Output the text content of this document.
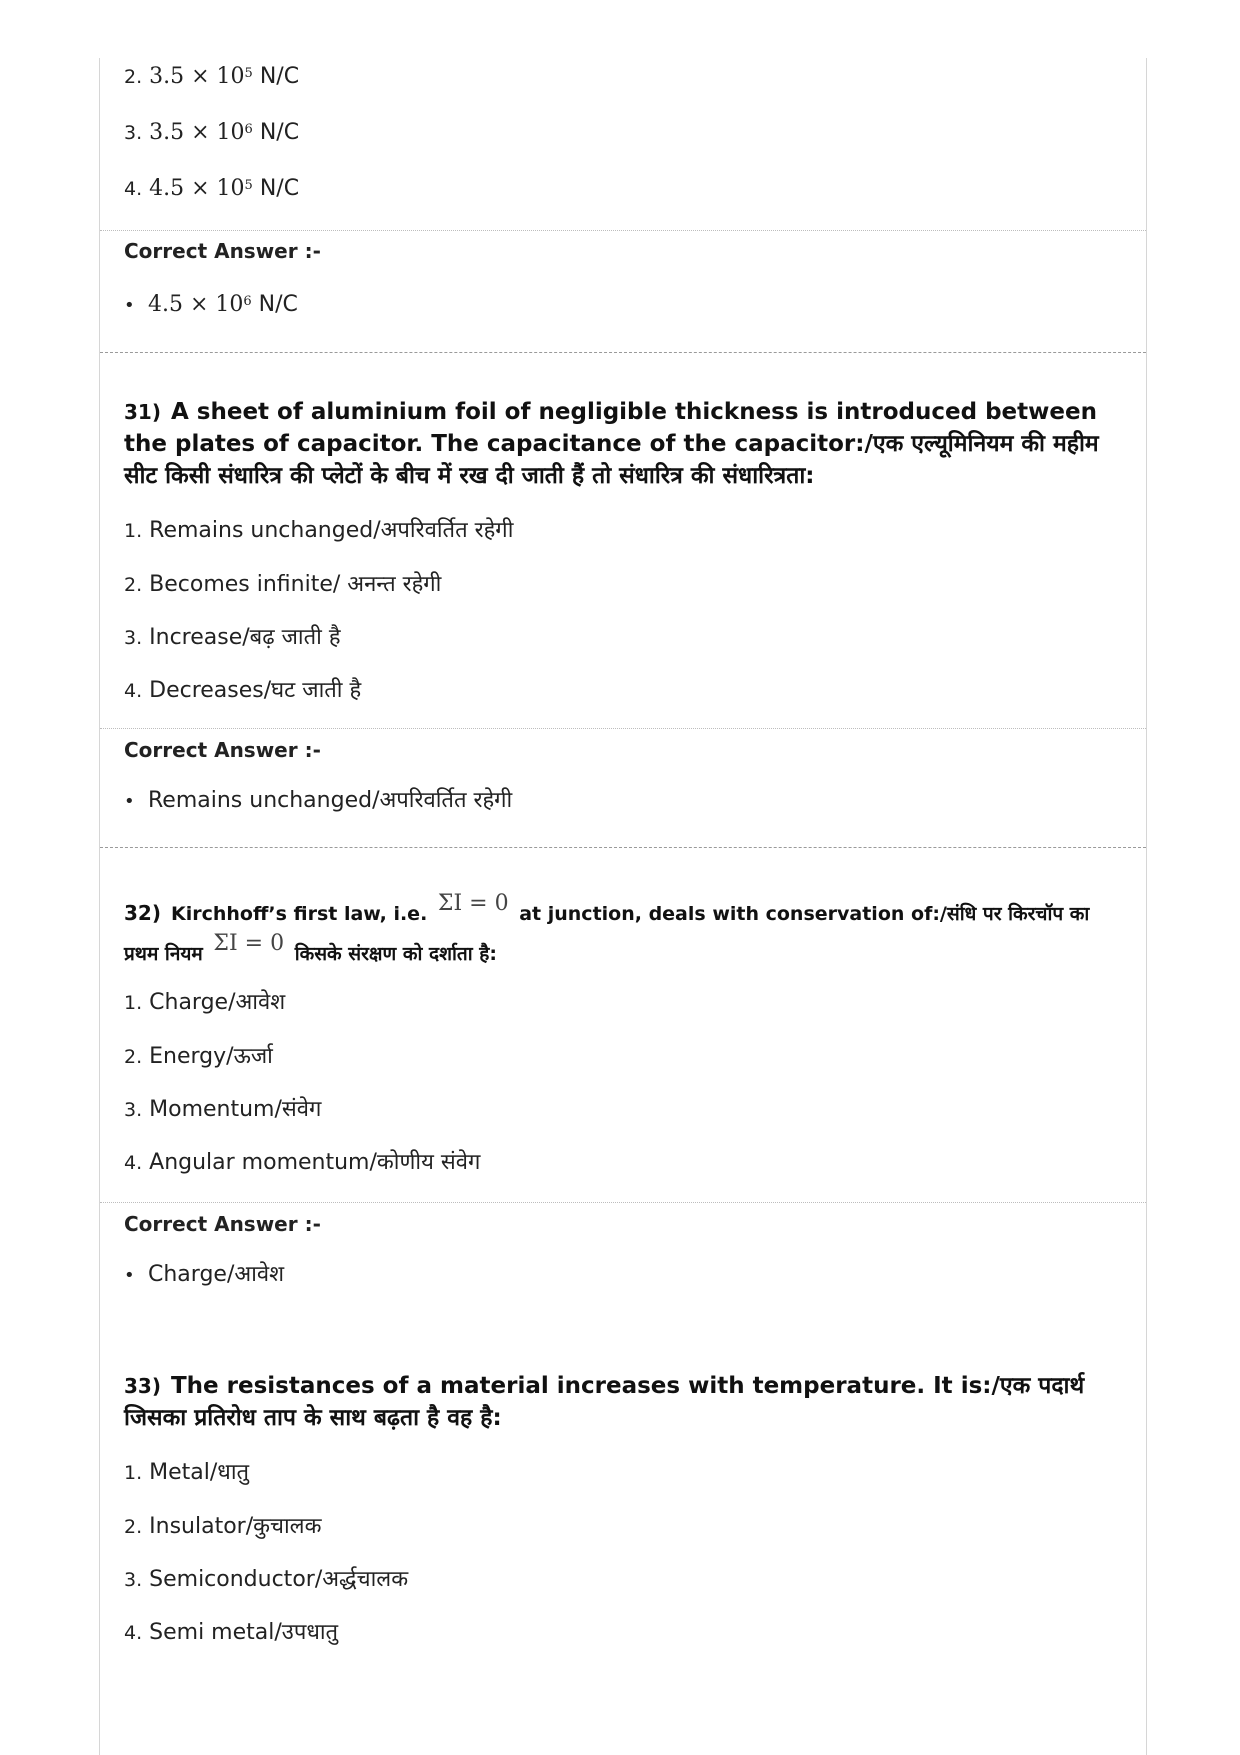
2. $3.5 \times 10^5$ N/C
3. $3.5 \times 10^6$ N/C
4. $4.5 \times 10^5$ N/C
Correct Answer :-
• $4.5 \times 10^6$ N/C
31) A sheet of aluminium foil of negligible thickness is introduced between the plates of capacitor. The capacitance of the capacitor:/एक एल्यूमिनियम की महीम सीट किसी संधारित्र की प्लेटों के बीच में रख दी जाती हैं तो संधारित्र की संधारित्रता:
1. Remains unchanged/अपरिवर्तित रहेगी
2. Becomes infinite/ अनन्त रहेगी
3. Increase/बढ़ जाती है
4. Decreases/घट जाती है
Correct Answer :-
• Remains unchanged/अपरिवर्तित रहेगी
32) Kirchhoff’s first law, i.e. ΣI = 0 at junction, deals with conservation of:/संधि पर किरचॉप का
प्रथम नियम ΣI = 0 किसके संरक्षण को दर्शाता है:
1. Charge/आवेश
2. Energy/ऊर्जा
3. Momentum/संवेग
4. Angular momentum/कोणीय संवेग
Correct Answer :-
• Charge/आवेश
33) The resistances of a material increases with temperature. It is:/एक पदार्थ जिसका प्रतिरोध ताप के साथ बढ़ता है वह है:
1. Metal/धातु
2. Insulator/कुचालक
3. Semiconductor/अर्द्धचालक
4. Semi metal/उपधातु
